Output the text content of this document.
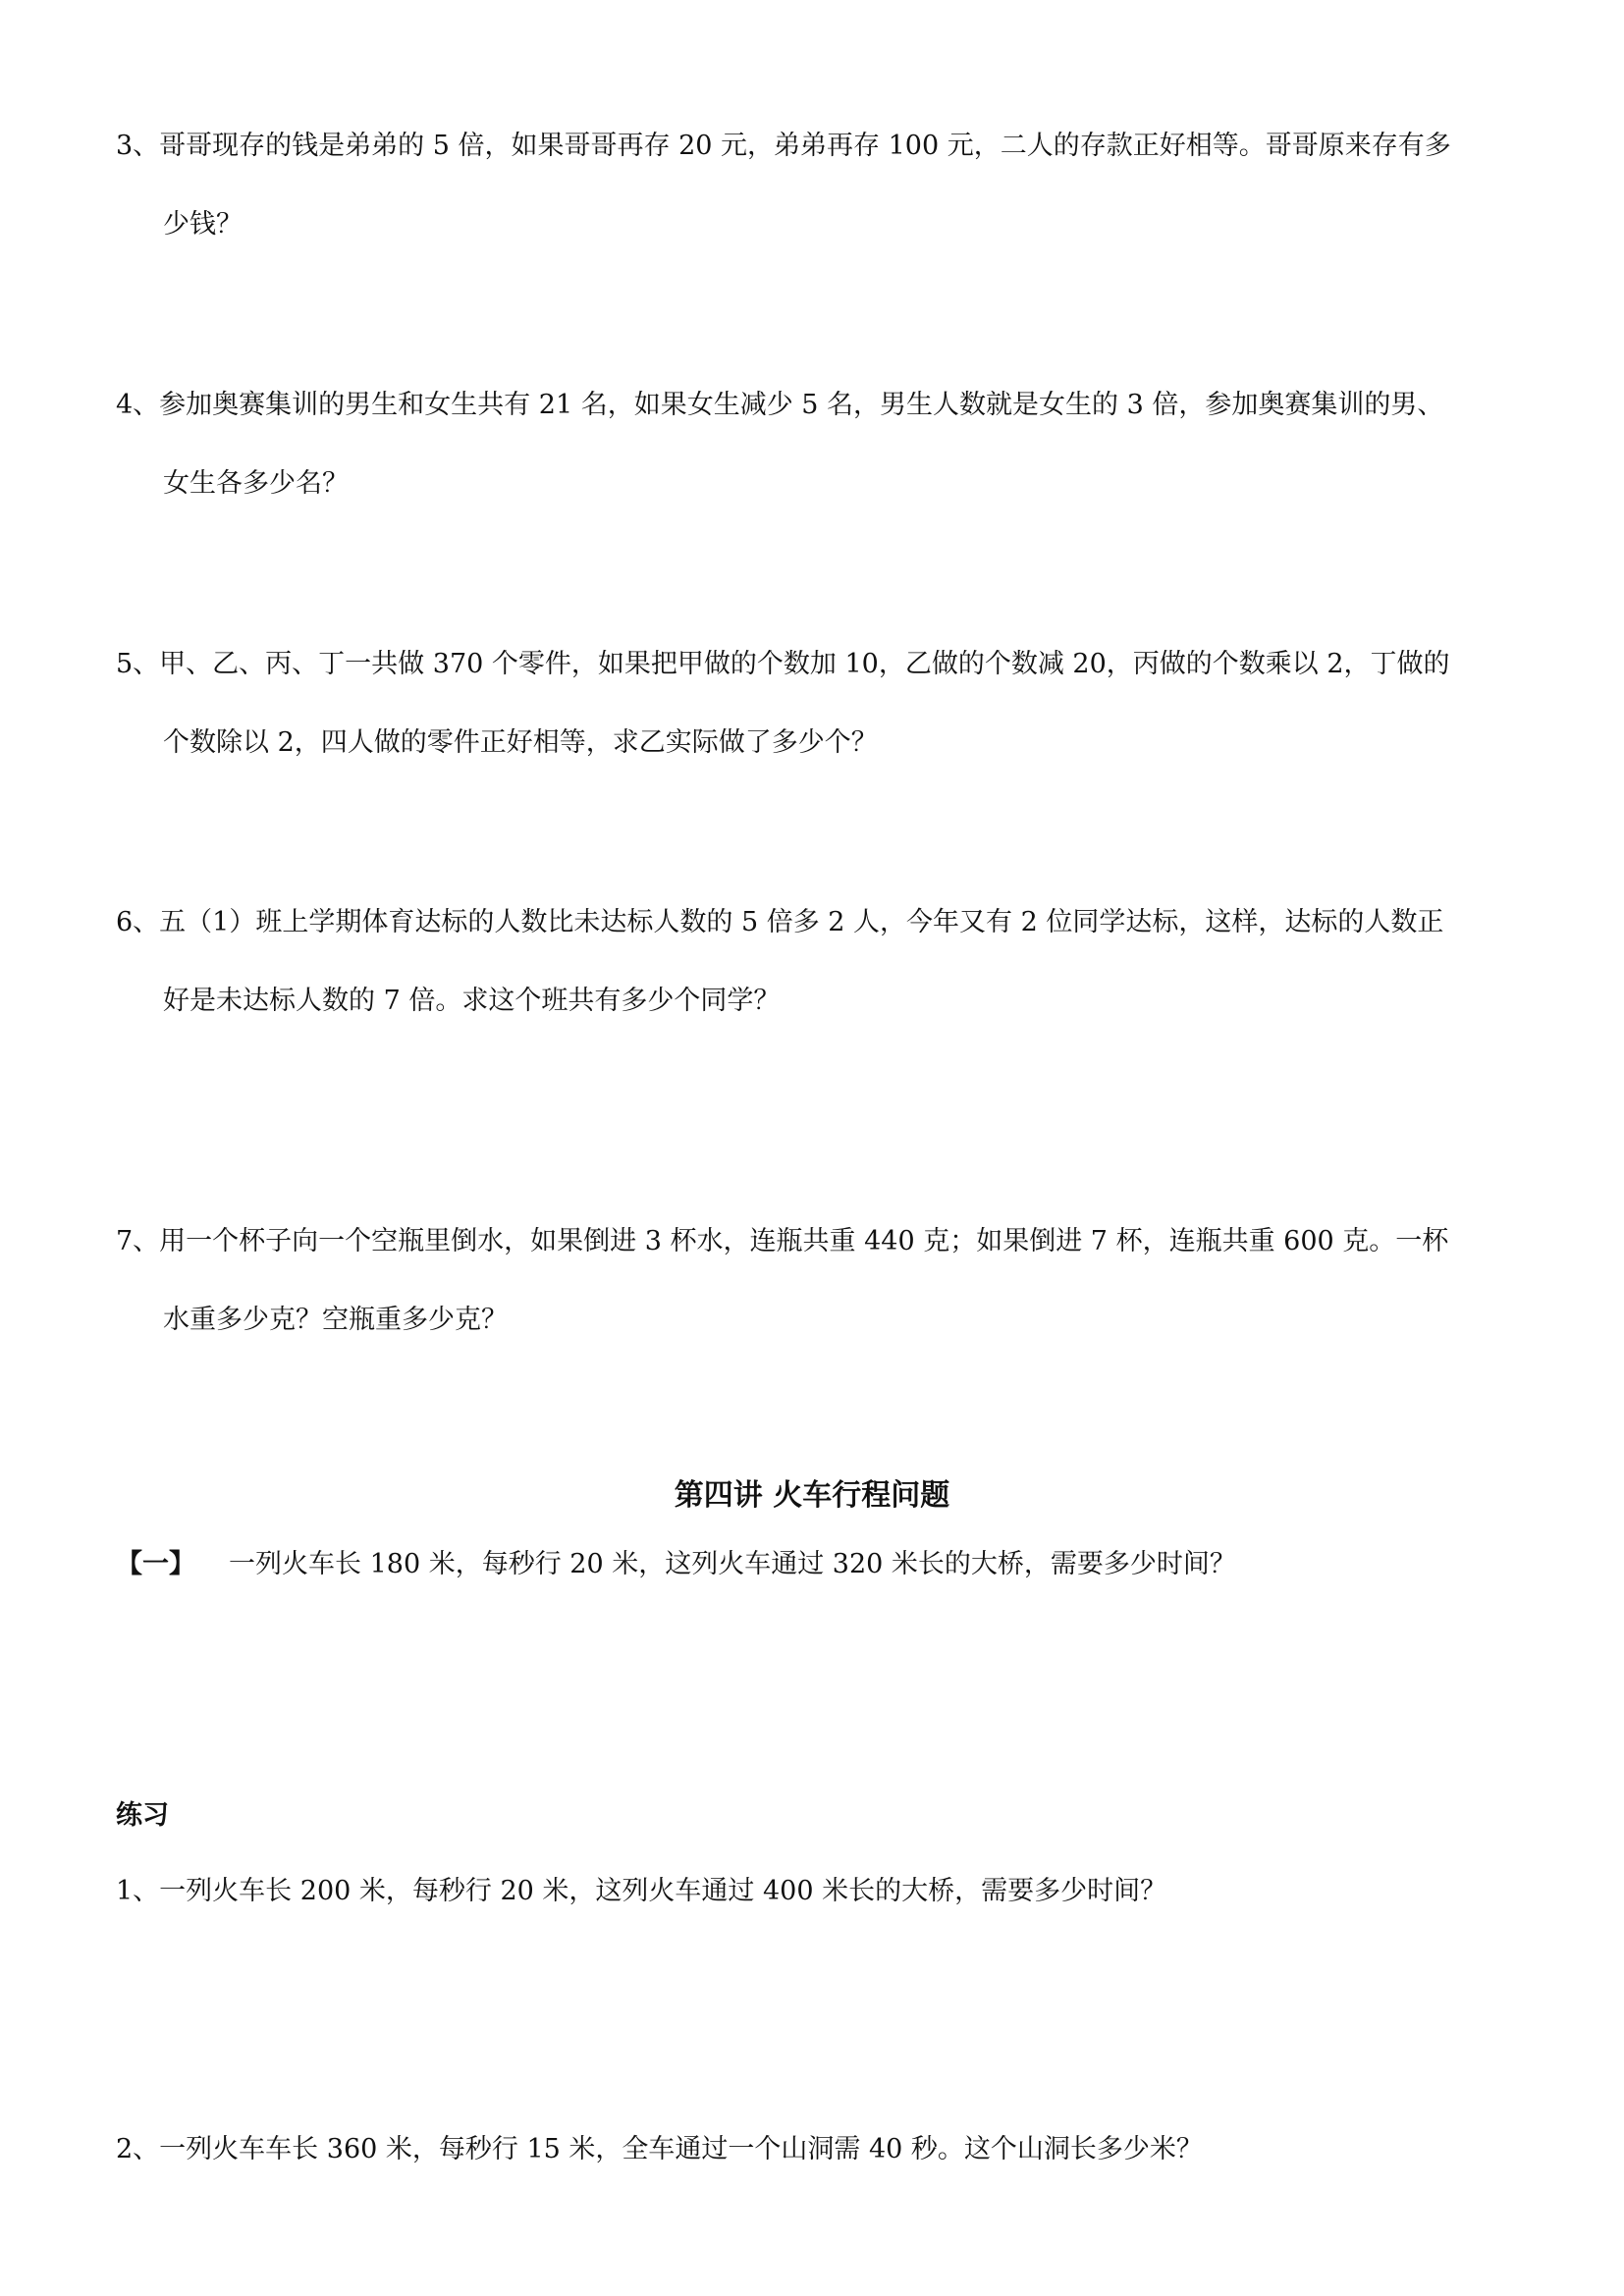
3、哥哥现存的钱是弟弟的 5 倍，如果哥哥再存 20 元，弟弟再存 100 元，二人的存款正好相等。哥哥原来存有多
少钱？
4、参加奥赛集训的男生和女生共有 21 名，如果女生减少 5 名，男生人数就是女生的 3 倍，参加奥赛集训的男、
女生各多少名？
5、甲、乙、丙、丁一共做 370 个零件，如果把甲做的个数加 10，乙做的个数减 20，丙做的个数乘以 2，丁做的
个数除以 2，四人做的零件正好相等，求乙实际做了多少个？
6、五（1）班上学期体育达标的人数比未达标人数的 5 倍多 2 人，今年又有 2 位同学达标，这样，达标的人数正
好是未达标人数的 7 倍。求这个班共有多少个同学？
7、用一个杯子向一个空瓶里倒水，如果倒进 3 杯水，连瓶共重 440 克；如果倒进 7 杯，连瓶共重 600 克。一杯
水重多少克？空瓶重多少克？
第四讲 火车行程问题
【一】 一列火车长 180 米，每秒行 20 米，这列火车通过 320 米长的大桥，需要多少时间？
练习
1、一列火车长 200 米，每秒行 20 米，这列火车通过 400 米长的大桥，需要多少时间？
2、一列火车车长 360 米，每秒行 15 米，全车通过一个山洞需 40 秒。这个山洞长多少米？
